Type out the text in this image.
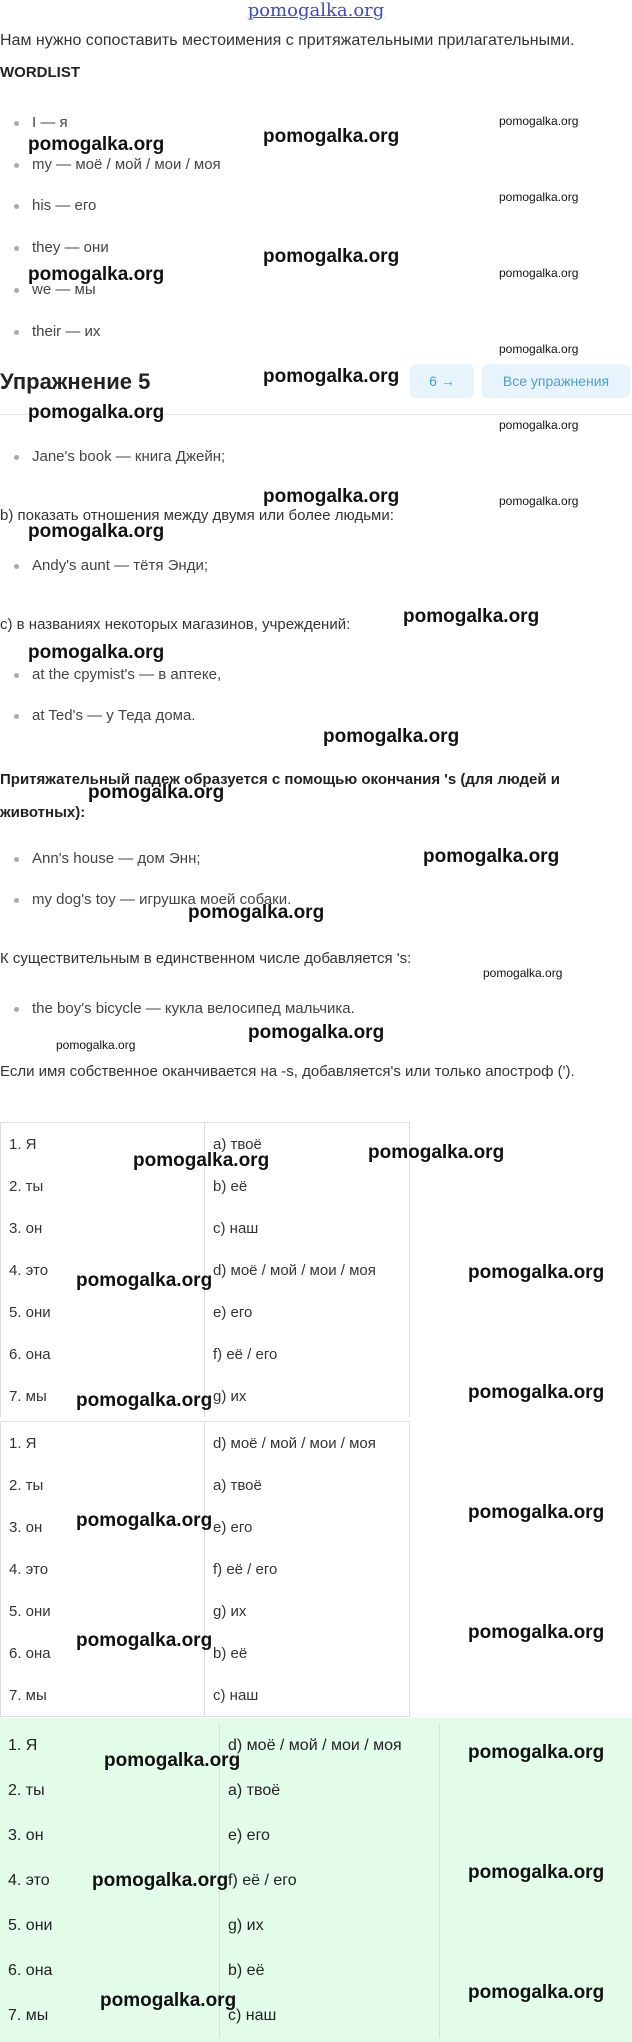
pomogalka.org
Нам нужно сопоставить местоимения с притяжательными прилагательными.
WORDLIST
I — я
my — моё / мой / мои / моя
his — его
they — они
we — мы
their — их
Упражнение 5	6 →	Все упражнения
Jane's book — книга Джейн;
b) показать отношения между двумя или более людьми:
Andy's aunt — тётя Энди;
c) в названиях некоторых магазинов, учреждений:
at the срymist's — в аптеке,
at Ted's — у Теда дома.
Притяжательный падеж образуется с помощью окончания 's (для людей и животных):
Ann's house — дом Энн;
my dog's toy — игрушка моей собаки.
К существительным в единственном числе добавляется 's:
the boy's bicycle — кукла велосипед мальчика.
Если имя собственное оканчивается на -s, добавляется's или только апостроф (').
1. Я	a) твоё
2. ты	b) её
3. он	c) наш
4. это	d) моё / мой / мои / моя
5. они	e) его
6. она	f) её / его
7. мы	g) их
1. Я	d) моё / мой / мои / моя
2. ты	a) твоё
3. он	e) его
4. это	f) её / его
5. они	g) их
6. она	b) её
7. мы	c) наш
1. Я	d) моё / мой / мои / моя
2. ты	a) твоё
3. он	e) его
4. это	f) её / его
5. они	g) их
6. она	b) её
7. мы	c) наш
pomogalka.org	pomogalka.org
pomogalka.org
pomogalka.org
pomogalka.org
pomogalka.org
pomogalka.org
pomogalka.org
pomogalka.org
pomogalka.org
pomogalka.org
pomogalka.org	pomogalka.org
pomogalka.org
pomogalka.org
pomogalka.org
pomogalka.org
pomogalka.org
pomogalka.org
pomogalka.org
pomogalka.org
pomogalka.org
pomogalka.org
pomogalka.org
pomogalka.org
pomogalka.org	pomogalka.org
pomogalka.org	pomogalka.org
pomogalka.org	pomogalka.org
pomogalka.org	pomogalka.org
pomogalka.org	pomogalka.org
pomogalka.org	pomogalka.org
pomogalka.org	pomogalka.org
